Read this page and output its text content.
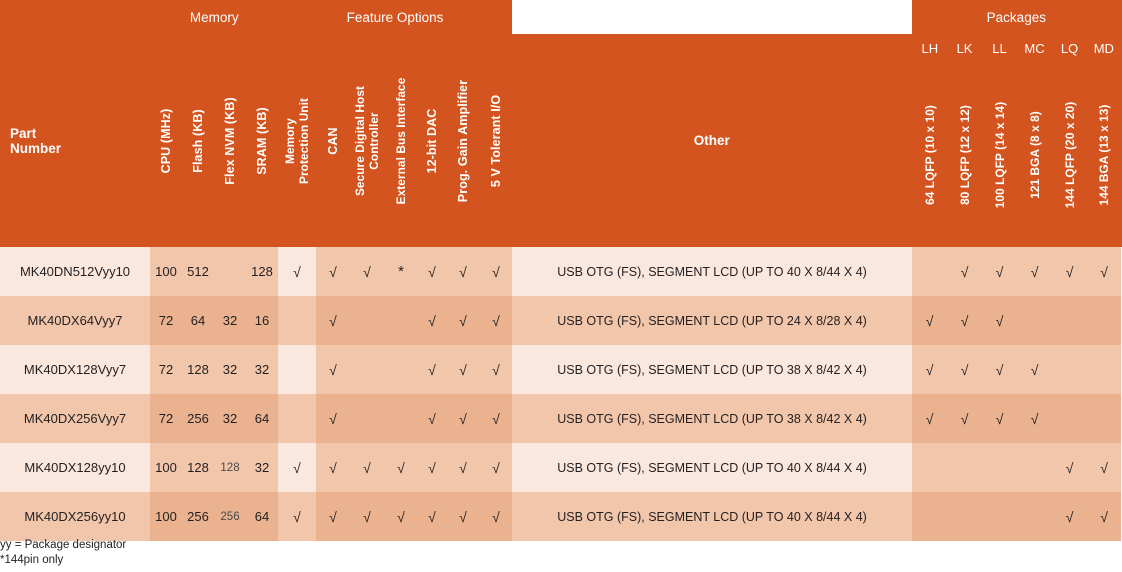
	Memory				Feature Options								Packages					

Part
Number	CPU (MHz)	Flash (KB)	Flex NVM (KB)	SRAM (KB)	Memory
Protection Unit	CAN	Secure Digital Host
Controller	External Bus Interface	12-bit DAC	Prog. Gain Amplifier	5 V Tolerant I/O	Other	LH	LK	LL	MC	LQ	MD

													64 LQFP (10 x 10)	80 LQFP (12 x 12)	100 LQFP (14 x 14)	121 BGA (8 x 8)	144 LQFP (20 x 20)	144 BGA (13 x 13)

MK40DN512Vyy10	100	512		128	√	√	√	*	√	√	√	USB OTG (FS), SEGMENT LCD (UP TO 40 X 8/44 X 4)		√	√	√	√	√
MK40DX64Vyy7	72	64	32	16		√			√	√	√	USB OTG (FS), SEGMENT LCD (UP TO 24 X 8/28 X 4)	√	√	√			
MK40DX128Vyy7	72	128	32	32		√			√	√	√	USB OTG (FS), SEGMENT LCD (UP TO 38 X 8/42 X 4)	√	√	√	√		
MK40DX256Vyy7	72	256	32	64		√			√	√	√	USB OTG (FS), SEGMENT LCD (UP TO 38 X 8/42 X 4)	√	√	√	√		
MK40DX128yy10	100	128	128	32	√	√	√	√	√	√	√	USB OTG (FS), SEGMENT LCD (UP TO 40 X 8/44 X 4)					√	√
MK40DX256yy10	100	256	256	64	√	√	√	√	√	√	√	USB OTG (FS), SEGMENT LCD (UP TO 40 X 8/44 X 4)					√	√
yy = Package designator
*144pin only
